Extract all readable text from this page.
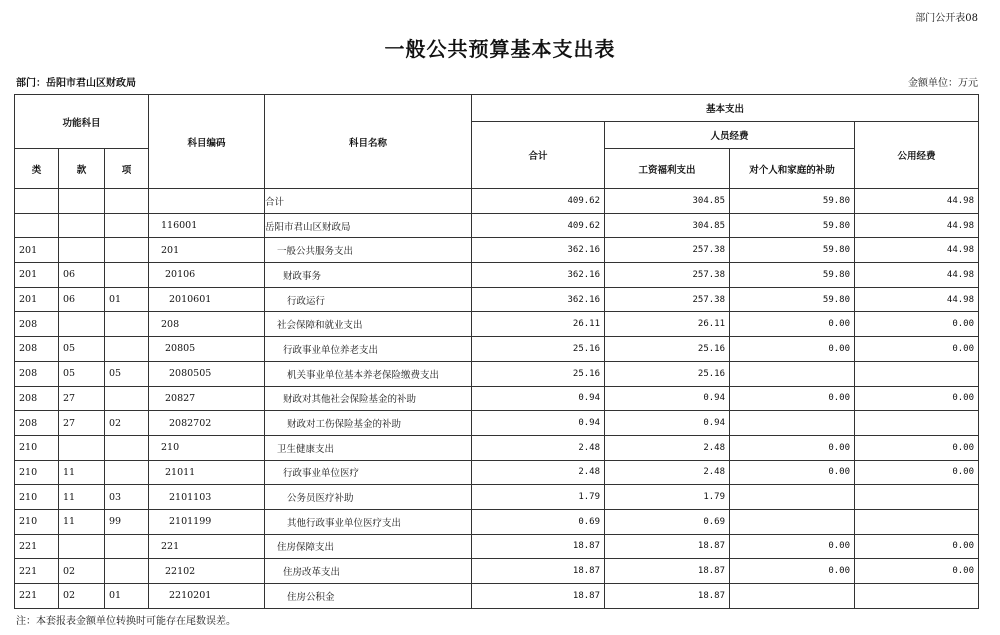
部门公开表08
一般公共预算基本支出表
部门：岳阳市君山区财政局	金额单位：万元
功能科目			科目编码	科目名称	基本支出			
					合计	人员经费		公用经费
类	款	项				工资福利支出	对个人和家庭的补助	
				合计	409.62	304.85	59.80	44.98
			116001	岳阳市君山区财政局	409.62	304.85	59.80	44.98
201			201	一般公共服务支出	362.16	257.38	59.80	44.98
201	06		20106	财政事务	362.16	257.38	59.80	44.98
201	06	01	2010601	行政运行	362.16	257.38	59.80	44.98
208			208	社会保障和就业支出	26.11	26.11	0.00	0.00
208	05		20805	行政事业单位养老支出	25.16	25.16	0.00	0.00
208	05	05	2080505	机关事业单位基本养老保险缴费支出	25.16	25.16		
208	27		20827	财政对其他社会保险基金的补助	0.94	0.94	0.00	0.00
208	27	02	2082702	财政对工伤保险基金的补助	0.94	0.94		
210			210	卫生健康支出	2.48	2.48	0.00	0.00
210	11		21011	行政事业单位医疗	2.48	2.48	0.00	0.00
210	11	03	2101103	公务员医疗补助	1.79	1.79		
210	11	99	2101199	其他行政事业单位医疗支出	0.69	0.69		
221			221	住房保障支出	18.87	18.87	0.00	0.00
221	02		22102	住房改革支出	18.87	18.87	0.00	0.00
221	02	01	2210201	住房公积金	18.87	18.87		
注：本套报表金额单位转换时可能存在尾数误差。
